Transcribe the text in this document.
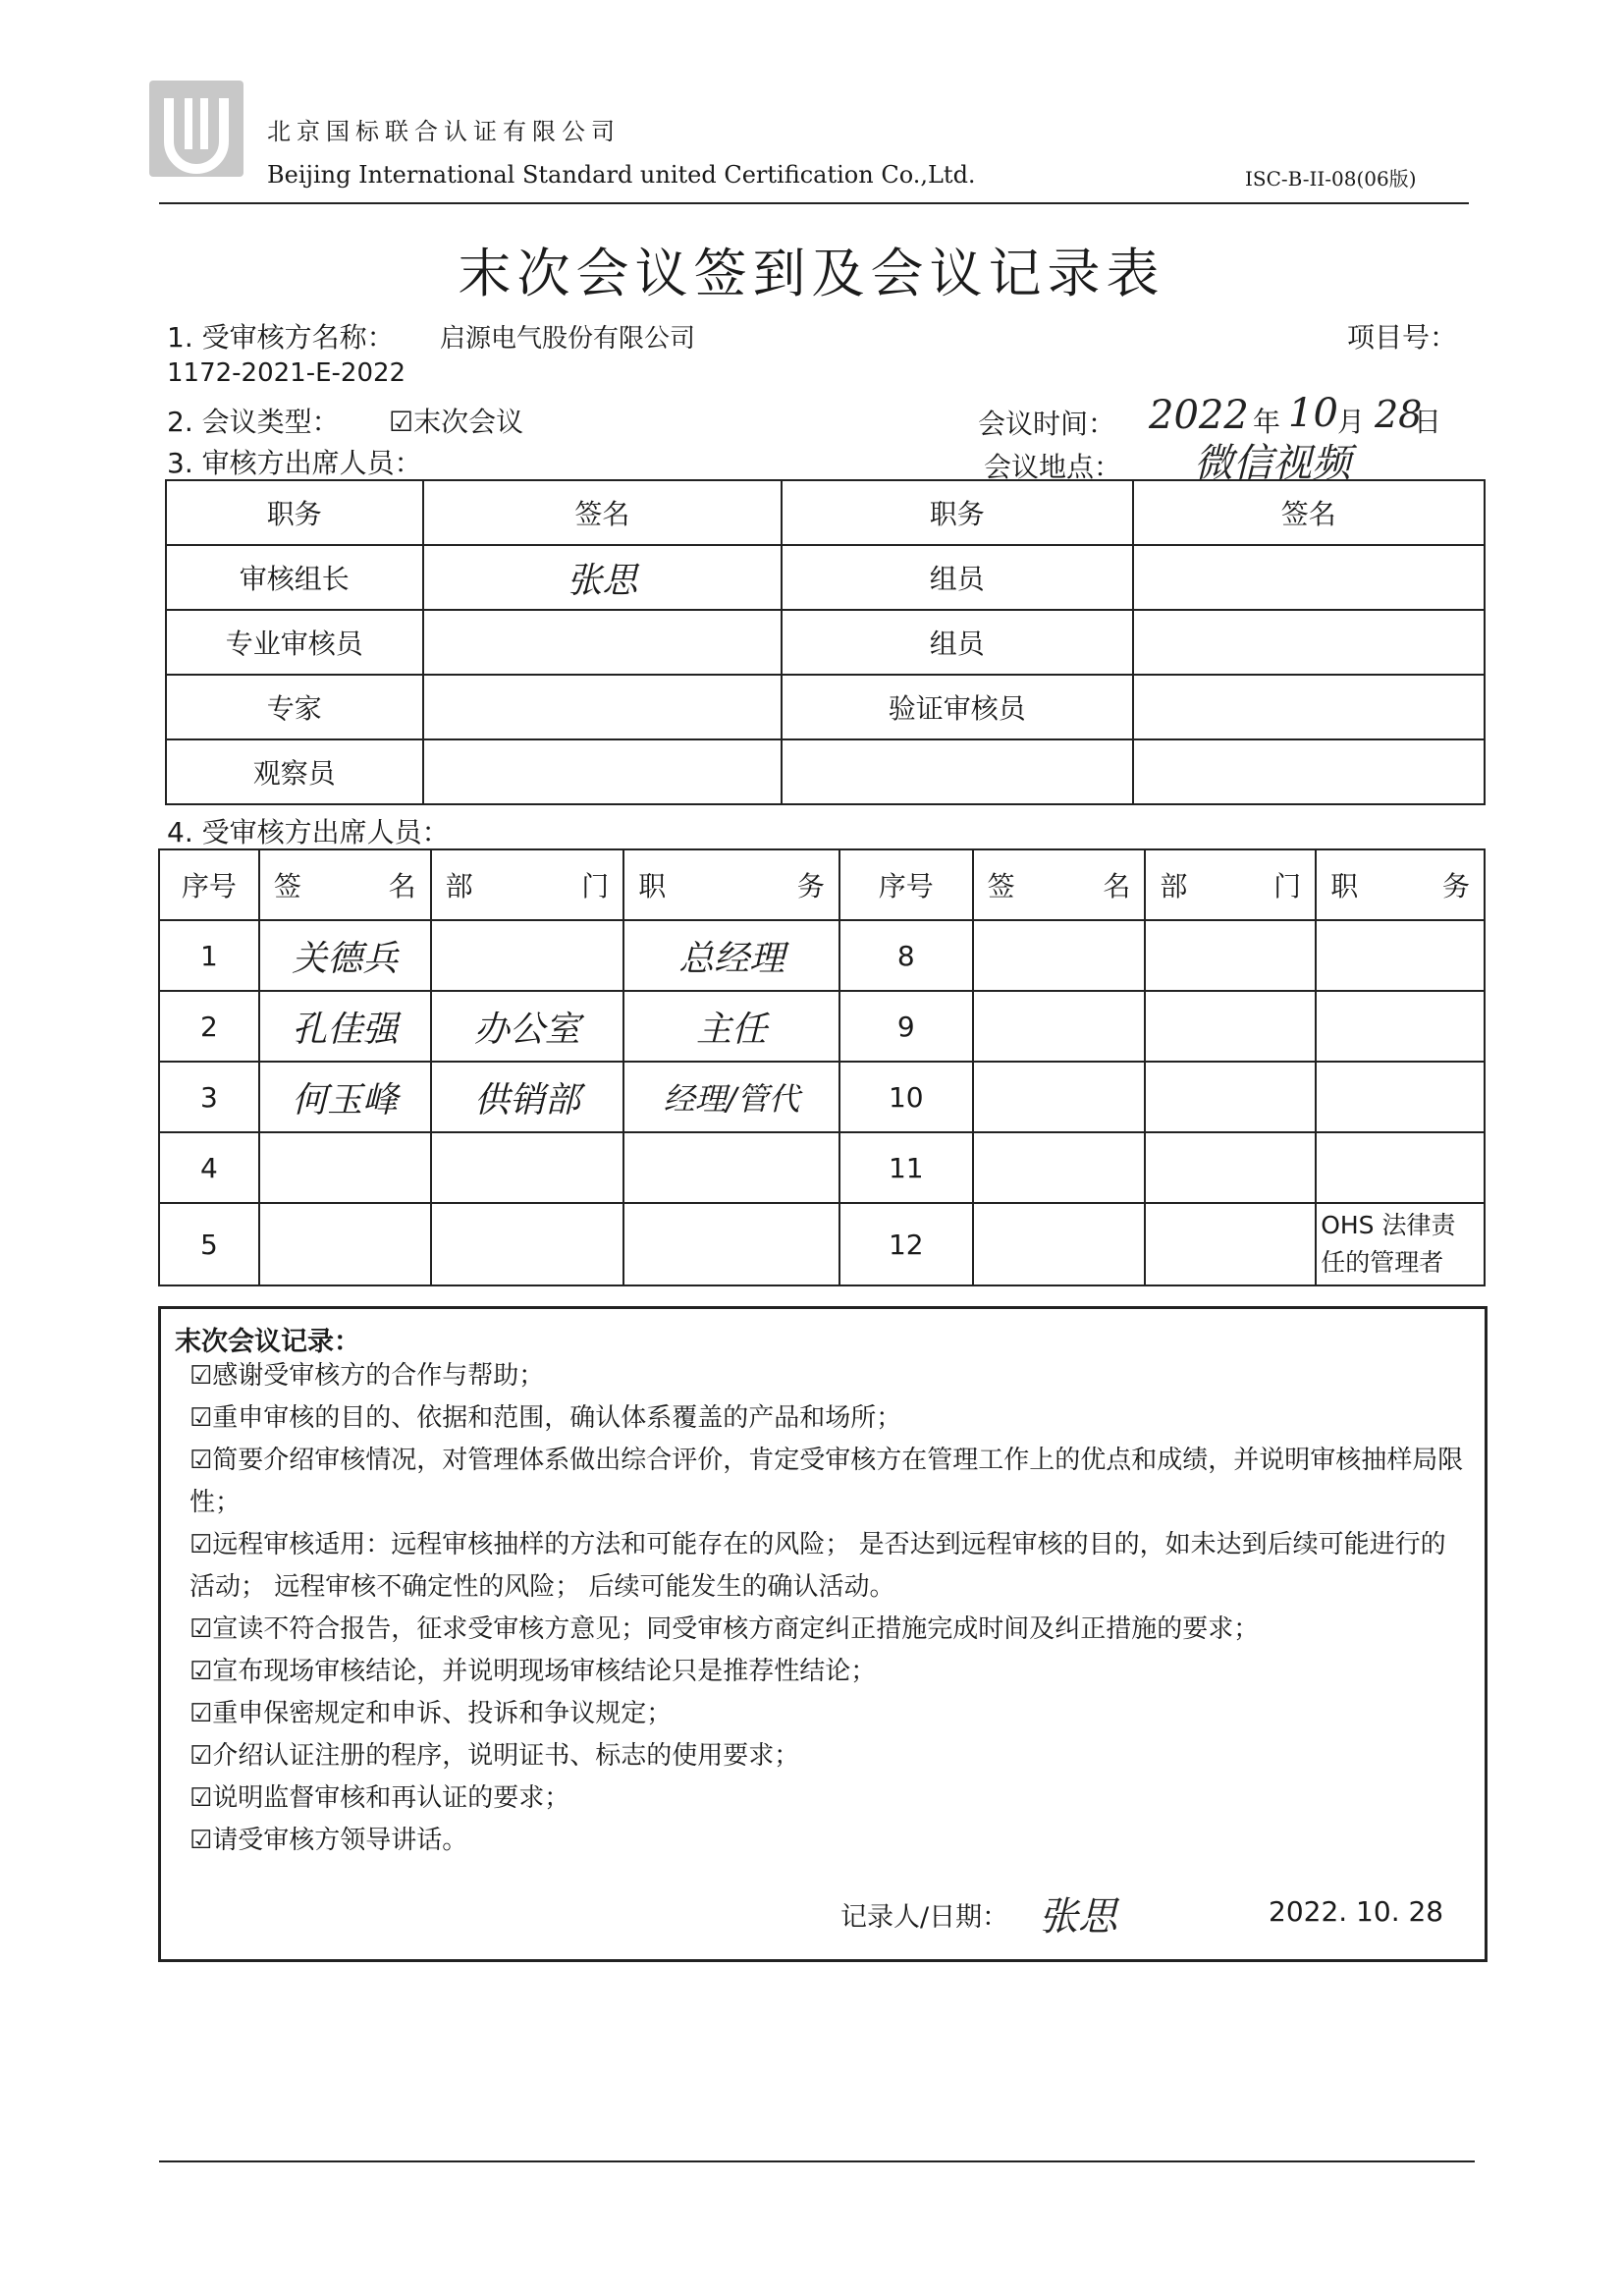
北京国标联合认证有限公司
Beijing International Standard united Certification Co.,Ltd.	ISC-B-II-08(06版)
末次会议签到及会议记录表
1. 受审核方名称： 启源电气股份有限公司	项目号：
1172-2021-E-2022
2. 会议类型： ☑末次会议	会议时间： 2022 年 10 月 28
日
3. 审核方出席人员：	会议地点： 微信视频
职务	签名	职务	签名
审核组长	张思	组员	
专业审核员		组员	
专家		验证审核员	
观察员			
4. 受审核方出席人员：
序号	签 名	部 门	职 务	序号	签 名	部 门	职 务

1	关德兵		总经理	8			
2	孔佳强	办公室	主任	9			
3	何玉峰	供销部	经理/管代	10			
4				11			
5				12			OHS 法律责任的管理者
末次会议记录：
☑感谢受审核方的合作与帮助；
☑重申审核的目的、依据和范围，确认体系覆盖的产品和场所；
☑简要介绍审核情况，对管理体系做出综合评价，肯定受审核方在管理工作上的优点和成绩，并说明审核抽样局限性；
☑远程审核适用：远程审核抽样的方法和可能存在的风险； 是否达到远程审核的目的，如未达到后续可能进行的活动； 远程审核不确定性的风险； 后续可能发生的确认活动。
☑宣读不符合报告，征求受审核方意见；同受审核方商定纠正措施完成时间及纠正措施的要求；
☑宣布现场审核结论，并说明现场审核结论只是推荐性结论；
☑重申保密规定和申诉、投诉和争议规定；
☑介绍认证注册的程序，说明证书、标志的使用要求；
☑说明监督审核和再认证的要求；
☑请受审核方领导讲话。
记录人/日期： 张思	2022. 10. 28
